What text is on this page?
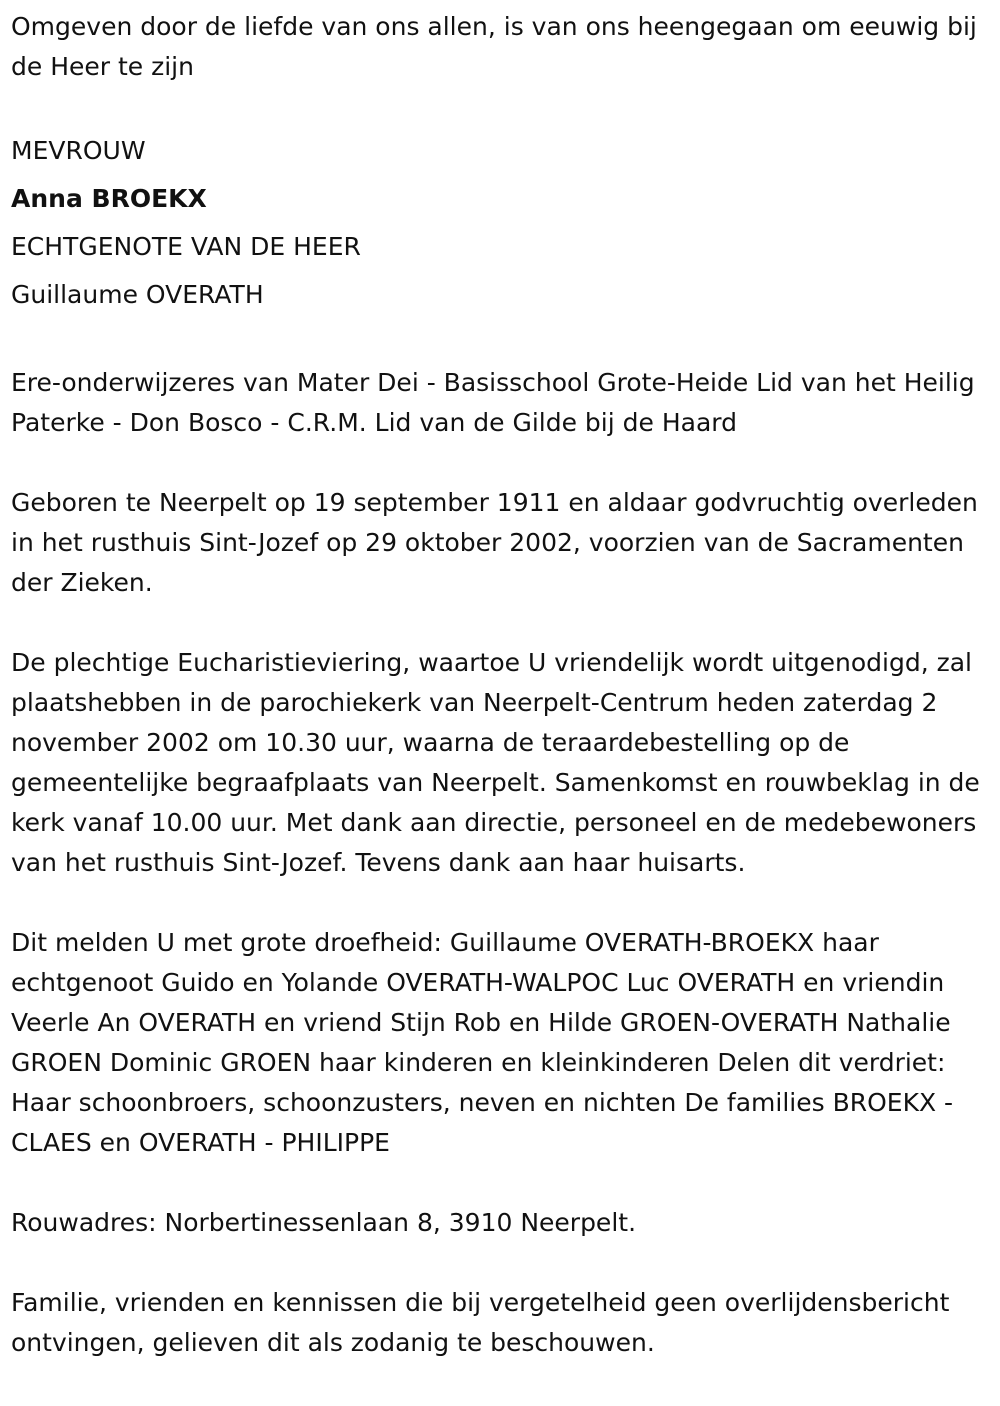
Omgeven door de liefde van ons allen, is van ons heengegaan om eeuwig bij de Heer te zijn

MEVROUW

Anna BROEKX

ECHTGENOTE VAN DE HEER

Guillaume OVERATH

Ere-onderwijzeres van Mater Dei - Basisschool Grote-Heide Lid van het Heilig Paterke - Don Bosco - C.R.M. Lid van de Gilde bij de Haard

Geboren te Neerpelt op 19 september 1911 en aldaar godvruchtig overleden in het rusthuis Sint-Jozef op 29 oktober 2002, voorzien van de Sacramenten der Zieken.

De plechtige Eucharistieviering, waartoe U vriendelijk wordt uitgenodigd, zal plaatshebben in de parochiekerk van Neerpelt-Centrum heden zaterdag 2 november 2002 om 10.30 uur, waarna de teraardebestelling op de gemeentelijke begraafplaats van Neerpelt. Samenkomst en rouwbeklag in de kerk vanaf 10.00 uur. Met dank aan directie, personeel en de medebewoners van het rusthuis Sint-Jozef. Tevens dank aan haar huisarts.

Dit melden U met grote droefheid: Guillaume OVERATH-BROEKX haar echtgenoot Guido en Yolande OVERATH-WALPOC Luc OVERATH en vriendin Veerle An OVERATH en vriend Stijn Rob en Hilde GROEN-OVERATH Nathalie GROEN Dominic GROEN haar kinderen en kleinkinderen Delen dit verdriet: Haar schoonbroers, schoonzusters, neven en nichten De families BROEKX - CLAES en OVERATH - PHILIPPE

Rouwadres: Norbertinessenlaan 8, 3910 Neerpelt.

Familie, vrienden en kennissen die bij vergetelheid geen overlijdensbericht ontvingen, gelieven dit als zodanig te beschouwen.
